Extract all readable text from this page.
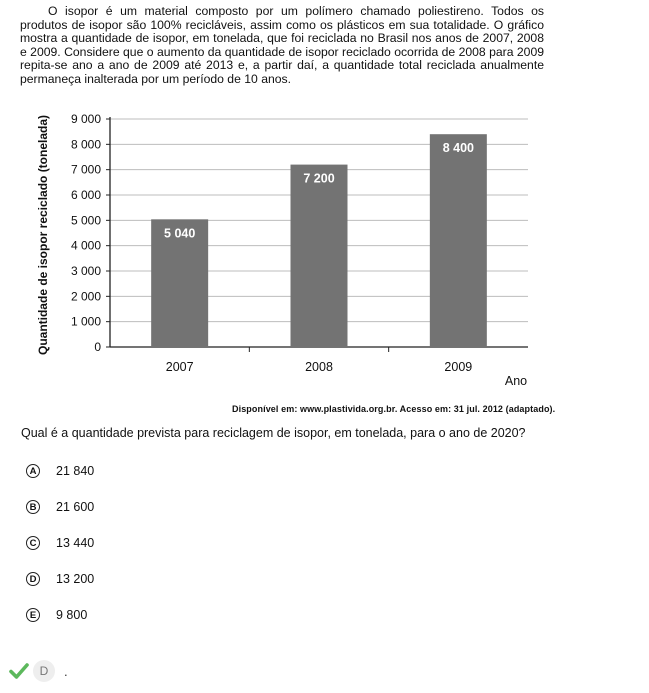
O isopor é um material composto por um polímero chamado poliestireno. Todos os produtos de isopor são 100% recicláveis, assim como os plásticos em sua totalidade. O gráfico mostra a quantidade de isopor, em tonelada, que foi reciclada no Brasil nos anos de 2007, 2008 e 2009. Considere que o aumento da quantidade de isopor reciclado ocorrida de 2008 para 2009 repita-se ano a ano de 2009 até 2013 e, a partir daí, a quantidade total reciclada anualmente permaneça inalterada por um período de 10 anos.

0
1 000
2 000
3 000
4 000
5 000
6 000
7 000
8 000
9 000
5 040
2007
7 200
2008
8 400
2009
Quantidade de isopor reciclado (tonelada)
Ano
Disponível em: www.plastivida.org.br. Acesso em: 31 jul. 2012 (adaptado).

Qual é a quantidade prevista para reciclagem de isopor, em tonelada, para o ano de 2020?

A 21 840
B 21 600
C 13 440
D 13 200
E	9 800
D	.
